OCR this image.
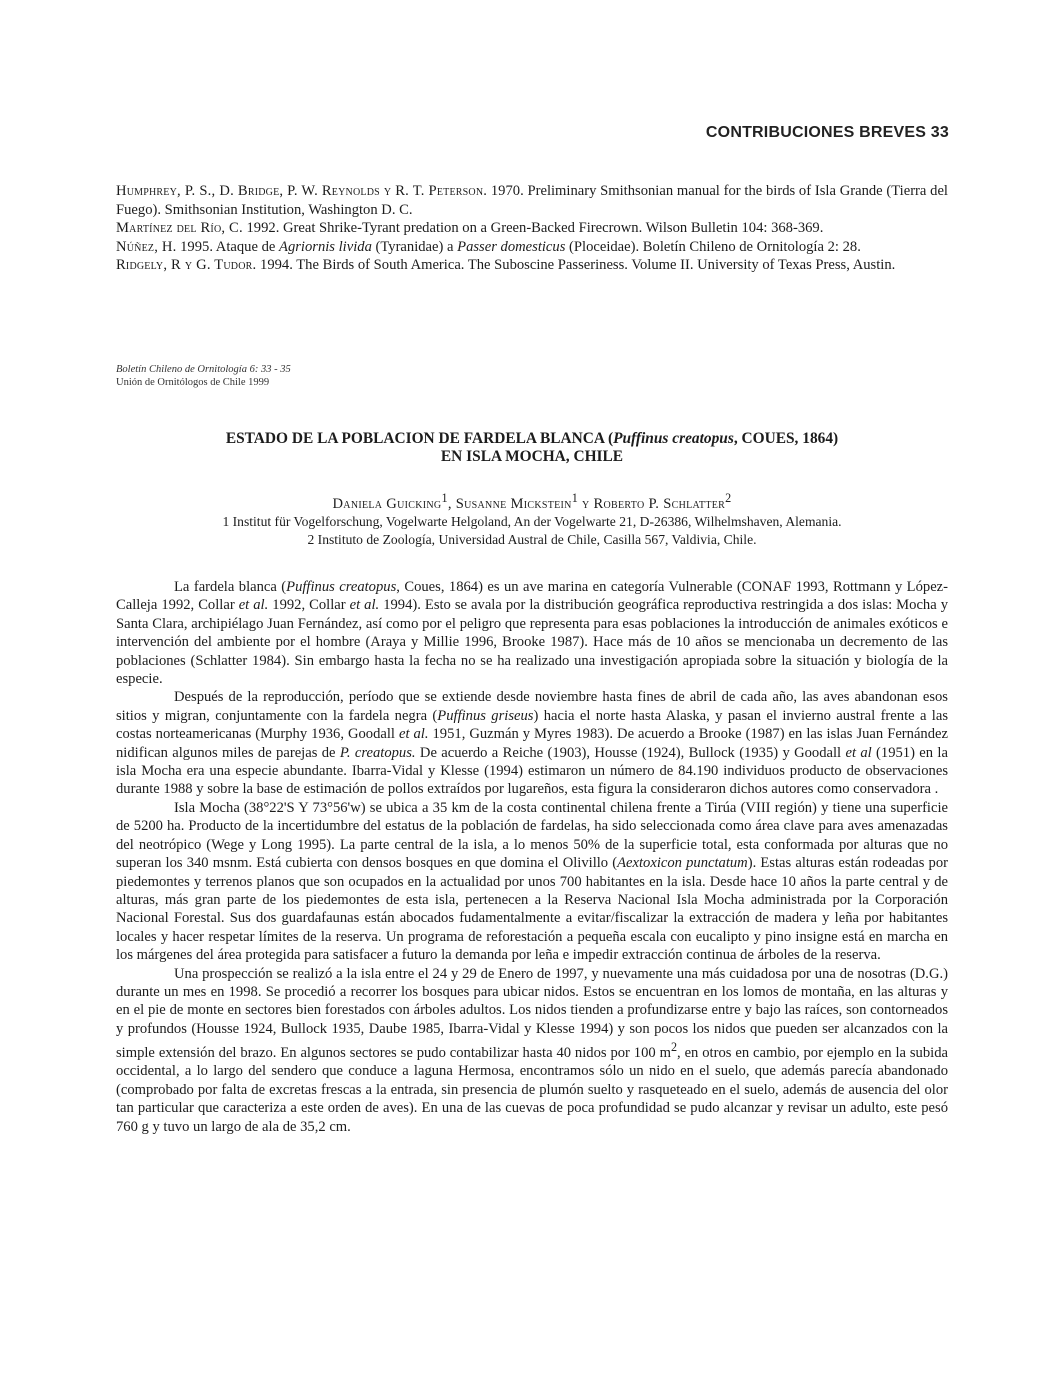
CONTRIBUCIONES BREVES 33

Humphrey, P. S., D. Bridge, P. W. Reynolds y R. T. Peterson. 1970. Preliminary Smithsonian manual for the birds of Isla Grande (Tierra del Fuego). Smithsonian Institution, Washington D. C.

Martínez del Río, C. 1992. Great Shrike-Tyrant predation on a Green-Backed Firecrown. Wilson Bulletin 104: 368-369.

Núñez, H. 1995. Ataque de Agriornis livida (Tyranidae) a Passer domesticus (Ploceidae). Boletín Chileno de Ornitología 2: 28.

Ridgely, R y G. Tudor. 1994. The Birds of South America. The Suboscine Passeriness. Volume II. University of Texas Press, Austin.

Boletín Chileno de Ornitología 6: 33 - 35
Unión de Ornitólogos de Chile 1999
ESTADO DE LA POBLACION DE FARDELA BLANCA (Puffinus creatopus, COUES, 1864)
EN ISLA MOCHA, CHILE
Daniela Guicking$^1$, Susanne Mickstein$^1$ y Roberto P. Schlatter$^2$
1 Institut für Vogelforschung, Vogelwarte Helgoland, An der Vogelwarte 21, D-26386, Wilhelmshaven, Alemania.
2 Instituto de Zoología, Universidad Austral de Chile, Casilla 567, Valdivia, Chile.

La fardela blanca (Puffinus creatopus, Coues, 1864) es un ave marina en categoría Vulnerable (CONAF 1993, Rottmann y López-Calleja 1992, Collar et al. 1992, Collar et al. 1994). Esto se avala por la distribución geográfica reproductiva restringida a dos islas: Mocha y Santa Clara, archipiélago Juan Fernández, así como por el peligro que representa para esas poblaciones la introducción de animales exóticos e intervención del ambiente por el hombre (Araya y Millie 1996, Brooke 1987). Hace más de 10 años se mencionaba un decremento de las poblaciones (Schlatter 1984). Sin embargo hasta la fecha no se ha realizado una investigación apropiada sobre la situación y biología de la especie.

Después de la reproducción, período que se extiende desde noviembre hasta fines de abril de cada año, las aves abandonan esos sitios y migran, conjuntamente con la fardela negra (Puffinus griseus) hacia el norte hasta Alaska, y pasan el invierno austral frente a las costas norteamericanas (Murphy 1936, Goodall et al. 1951, Guzmán y Myres 1983). De acuerdo a Brooke (1987) en las islas Juan Fernández nidifican algunos miles de parejas de P. creatopus. De acuerdo a Reiche (1903), Housse (1924), Bullock (1935) y Goodall et al (1951) en la isla Mocha era una especie abundante. Ibarra-Vidal y Klesse (1994) estimaron un número de 84.190 individuos producto de observaciones durante 1988 y sobre la base de estimación de pollos extraídos por lugareños, esta figura la consideraron dichos autores como conservadora .

Isla Mocha (38°22'S Y 73°56'w) se ubica a 35 km de la costa continental chilena frente a Tirúa (VIII región) y tiene una superficie de 5200 ha. Producto de la incertidumbre del estatus de la población de fardelas, ha sido seleccionada como área clave para aves amenazadas del neotrópico (Wege y Long 1995). La parte central de la isla, a lo menos 50% de la superficie total, esta conformada por alturas que no superan los 340 msnm. Está cubierta con densos bosques en que domina el Olivillo (Aextoxicon punctatum). Estas alturas están rodeadas por piedemontes y terrenos planos que son ocupados en la actualidad por unos 700 habitantes en la isla. Desde hace 10 años la parte central y de alturas, más gran parte de los piedemontes de esta isla, pertenecen a la Reserva Nacional Isla Mocha administrada por la Corporación Nacional Forestal. Sus dos guardafaunas están abocados fudamentalmente a evitar/fiscalizar la extracción de madera y leña por habitantes locales y hacer respetar límites de la reserva. Un programa de reforestación a pequeña escala con eucalipto y pino insigne está en marcha en los márgenes del área protegida para satisfacer a futuro la demanda por leña e impedir extracción continua de árboles de la reserva.

Una prospección se realizó a la isla entre el 24 y 29 de Enero de 1997, y nuevamente una más cuidadosa por una de nosotras (D.G.) durante un mes en 1998. Se procedió a recorrer los bosques para ubicar nidos. Estos se encuentran en los lomos de montaña, en las alturas y en el pie de monte en sectores bien forestados con árboles adultos. Los nidos tienden a profundizarse entre y bajo las raíces, son contorneados y profundos (Housse 1924, Bullock 1935, Daube 1985, Ibarra-Vidal y Klesse 1994) y son pocos los nidos que pueden ser alcanzados con la simple extensión del brazo. En algunos sectores se pudo contabilizar hasta 40 nidos por 100 $m^2$, en otros en cambio, por ejemplo en la subida occidental, a lo largo del sendero que conduce a laguna Hermosa, encontramos sólo un nido en el suelo, que además parecía abandonado (comprobado por falta de excretas frescas a la entrada, sin presencia de plumón suelto y rasqueteado en el suelo, además de ausencia del olor tan particular que caracteriza a este orden de aves). En una de las cuevas de poca profundidad se pudo alcanzar y revisar un adulto, este pesó 760 g y tuvo un largo de ala de 35,2 cm.
